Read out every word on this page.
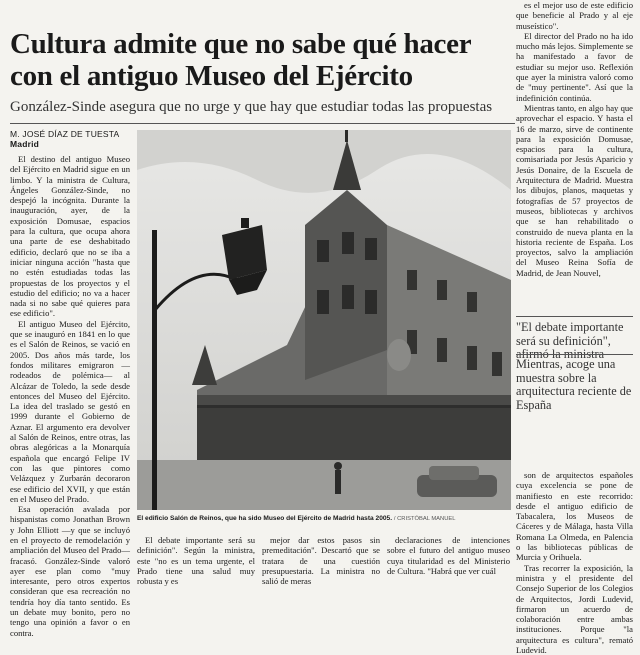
Cultura admite que no sabe qué hacer con el antiguo Museo del Ejército
González-Sinde asegura que no urge y que hay que estudiar todas las propuestas
M. JOSÉ DÍAZ DE TUESTA
Madrid

El destino del antiguo Museo del Ejército en Madrid sigue en un limbo. Y la ministra de Cultura, Ángeles González-Sinde, no despejó la incógnita. Durante la inauguración, ayer, de la exposición Domusae, espacios para la cultura, que ocupa ahora una parte de ese deshabitado edificio, declaró que no se iba a iniciar ninguna acción "hasta que no estén estudiadas todas las propuestas de los proyectos y el estudio del edificio; no va a hacer nada si no sabe qué quieres para ese edificio".

El antiguo Museo del Ejército, que se inauguró en 1841 en lo que es el Salón de Reinos, se vació en 2005. Dos años más tarde, los fondos militares emigraron —rodeados de polémica— al Alcázar de Toledo, la sede desde entonces del Museo del Ejército. La idea del traslado se gestó en 1999 durante el Gobierno de Aznar. El argumento era devolver al Salón de Reinos, entre otras, las obras alegóricas a la Monarquía española que encargó Felipe IV con las que pintores como Velázquez y Zurbarán decoraron ese edificio del XVII, y que están en el Museo del Prado.

Esa operación avalada por hispanistas como Jonathan Brown y John Elliott —y que se incluyó en el proyecto de remodelación y ampliación del Museo del Prado— fracasó. González-Sinde valoró ayer ese plan como "muy interesante, pero otros expertos consideran que esa recreación no tendría hoy día tanto sentido. Es un debate muy bonito, pero no tengo una opinión a favor o en contra.

El edificio Salón de Reinos, que ha sido Museo del Ejército de Madrid hasta 2005. / CRISTÓBAL MANUEL

El debate importante será su definición". Según la ministra, este "no es un tema urgente, el Prado tiene una salud muy robusta y es

mejor dar estos pasos sin premeditación". Descartó que se tratara de una cuestión presupuestaria. La ministra no salió de meras

declaraciones de intenciones sobre el futuro del antiguo museo cuya titularidad es del Ministerio de Cultura. "Habrá que ver cuál

es el mejor uso de este edificio que beneficie al Prado y al eje museístico".

El director del Prado no ha ido mucho más lejos. Simplemente se ha manifestado a favor de estudiar su mejor uso. Reflexión que ayer la ministra valoró como de "muy pertinente". Así que la indefinición continúa.

Mientras tanto, en algo hay que aprovechar el espacio. Y hasta el 16 de marzo, sirve de continente para la exposición Domusae, espacios para la cultura, comisariada por Jesús Aparicio y Jesús Donaire, de la Escuela de Arquitectura de Madrid. Muestra los dibujos, planos, maquetas y fotografías de 57 proyectos de museos, bibliotecas y archivos que se han rehabilitado o construido de nueva planta en la historia reciente de España. Los proyectos, salvo la ampliación del Museo Reina Sofía de Madrid, de Jean Nouvel,

"El debate importante será su definición", afirmó la ministra
Mientras, acoge una muestra sobre la arquitectura reciente de España

son de arquitectos españoles cuya excelencia se pone de manifiesto en este recorrido: desde el antiguo edificio de Tabacalera, los Museos de Cáceres y de Málaga, hasta Villa Romana La Olmeda, en Palencia o las bibliotecas públicas de Murcia y Orihuela.

Tras recorrer la exposición, la ministra y el presidente del Consejo Superior de los Colegios de Arquitectos, Jordi Ludevid, firmaron un acuerdo de colaboración entre ambas instituciones. Porque "la arquitectura es cultura", remató Ludevid.
